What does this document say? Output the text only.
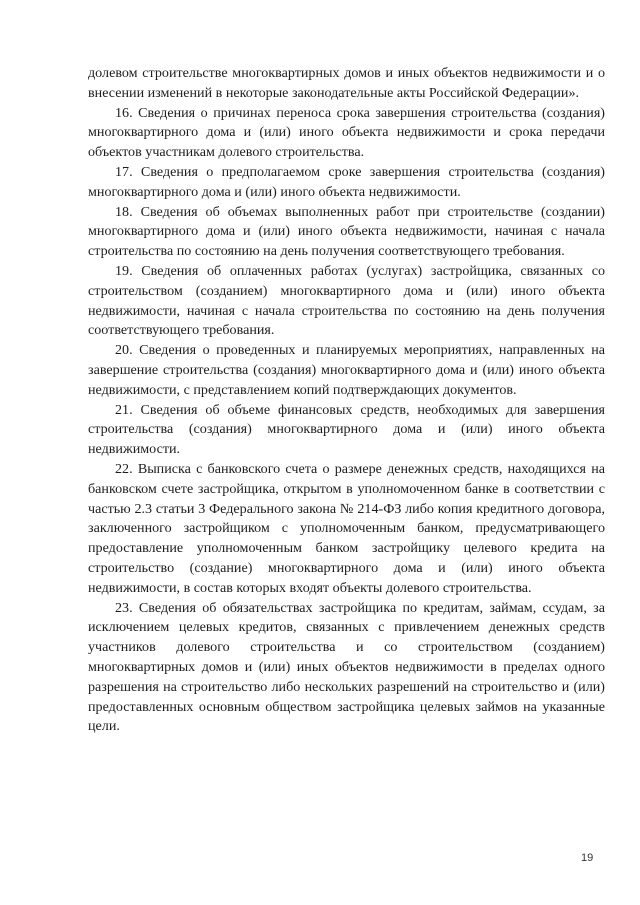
долевом строительстве многоквартирных домов и иных объектов недвижимости и о внесении изменений в некоторые законодательные акты Российской Федерации».

16. Сведения о причинах переноса срока завершения строительства (создания) многоквартирного дома и (или) иного объекта недвижимости и срока передачи объектов участникам долевого строительства.

17. Сведения о предполагаемом сроке завершения строительства (создания) многоквартирного дома и (или) иного объекта недвижимости.

18. Сведения об объемах выполненных работ при строительстве (создании) многоквартирного дома и (или) иного объекта недвижимости, начиная с начала строительства по состоянию на день получения соответствующего требования.

19. Сведения об оплаченных работах (услугах) застройщика, связанных со строительством (созданием) многоквартирного дома и (или) иного объекта недвижимости, начиная с начала строительства по состоянию на день получения соответствующего требования.

20. Сведения о проведенных и планируемых мероприятиях, направленных на завершение строительства (создания) многоквартирного дома и (или) иного объекта недвижимости, с представлением копий подтверждающих документов.

21. Сведения об объеме финансовых средств, необходимых для завершения строительства (создания) многоквартирного дома и (или) иного объекта недвижимости.

22. Выписка с банковского счета о размере денежных средств, находящихся на банковском счете застройщика, открытом в уполномоченном банке в соответствии с частью 2.3 статьи 3 Федерального закона № 214-ФЗ либо копия кредитного договора, заключенного застройщиком с уполномоченным банком, предусматривающего предоставление уполномоченным банком застройщику целевого кредита на строительство (создание) многоквартирного дома и (или) иного объекта недвижимости, в состав которых входят объекты долевого строительства.

23. Сведения об обязательствах застройщика по кредитам, займам, ссудам, за исключением целевых кредитов, связанных с привлечением денежных средств участников долевого строительства и со строительством (созданием) многоквартирных домов и (или) иных объектов недвижимости в пределах одного разрешения на строительство либо нескольких разрешений на строительство и (или) предоставленных основным обществом застройщика целевых займов на указанные цели.

19
